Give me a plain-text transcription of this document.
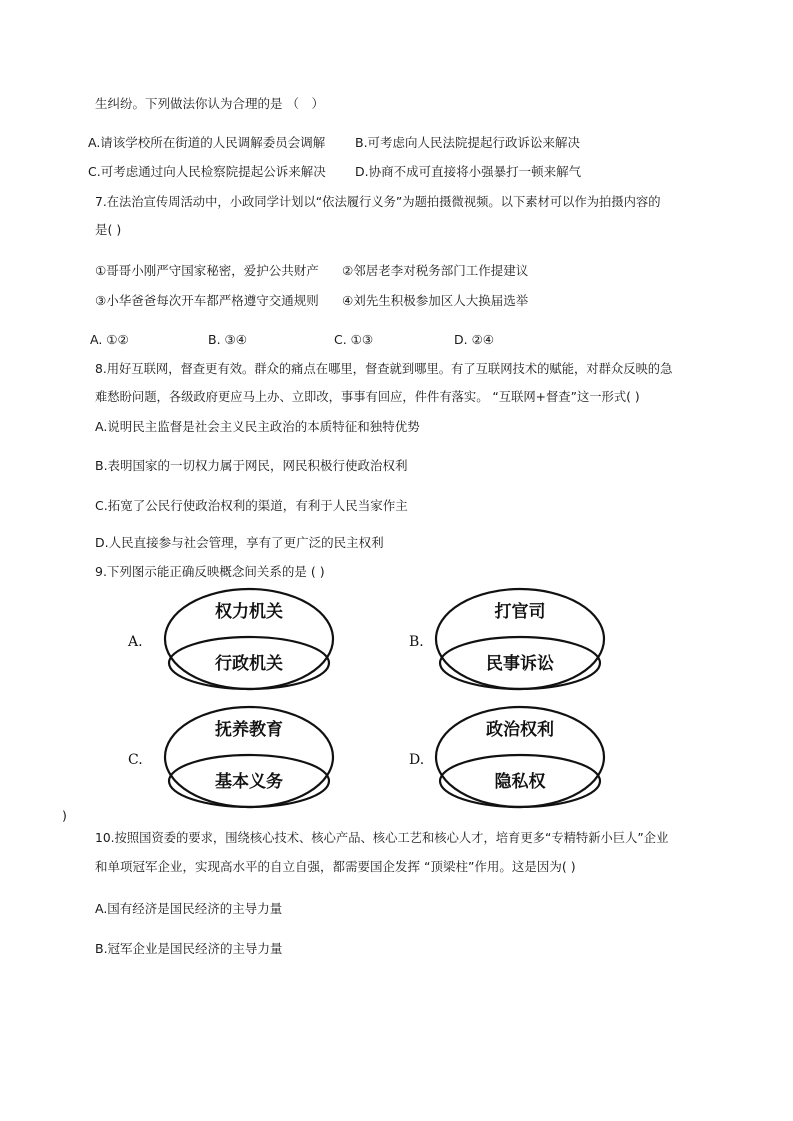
生纠纷。下列做法你认为合理的是 （　）
A.请该学校所在街道的人民调解委员会调解 B.可考虑向人民法院提起行政诉讼来解决
C.可考虑通过向人民检察院提起公诉来解决 D.协商不成可直接将小强暴打一顿来解气
7.在法治宣传周活动中，小政同学计划以“依法履行义务”为题拍摄微视频。以下素材可以作为拍摄内容的
是( )
①哥哥小刚严守国家秘密，爱护公共财产 ②邻居老李对税务部门工作提建议
③小华爸爸每次开车都严格遵守交通规则 ④刘先生积极参加区人大换届选举
A. ①②	B. ③④	C. ①③	D. ②④
8.用好互联网，督查更有效。群众的痛点在哪里，督查就到哪里。有了互联网技术的赋能，对群众反映的急
难愁盼问题，各级政府更应马上办、立即改，事事有回应，件件有落实。 “互联网+督查”这一形式( )
A.说明民主监督是社会主义民主政治的本质特征和独特优势
B.表明国家的一切权力属于网民，网民积极行使政治权利
C.拓宽了公民行使政治权利的渠道，有利于人民当家作主
D.人民直接参与社会管理，享有了更广泛的民主权利
9.下列图示能正确反映概念间关系的是 ( )
A.
权力机关
行政机关
B.
打官司
民事诉讼
C.
抚养教育
基本义务
D.
政治权利
隐私权
)
10.按照国资委的要求，围绕核心技术、核心产品、核心工艺和核心人才，培育更多“专精特新小巨人”企业
和单项冠军企业，实现高水平的自立自强，都需要国企发挥 “顶梁柱”作用。这是因为( )
A.国有经济是国民经济的主导力量
B.冠军企业是国民经济的主导力量
